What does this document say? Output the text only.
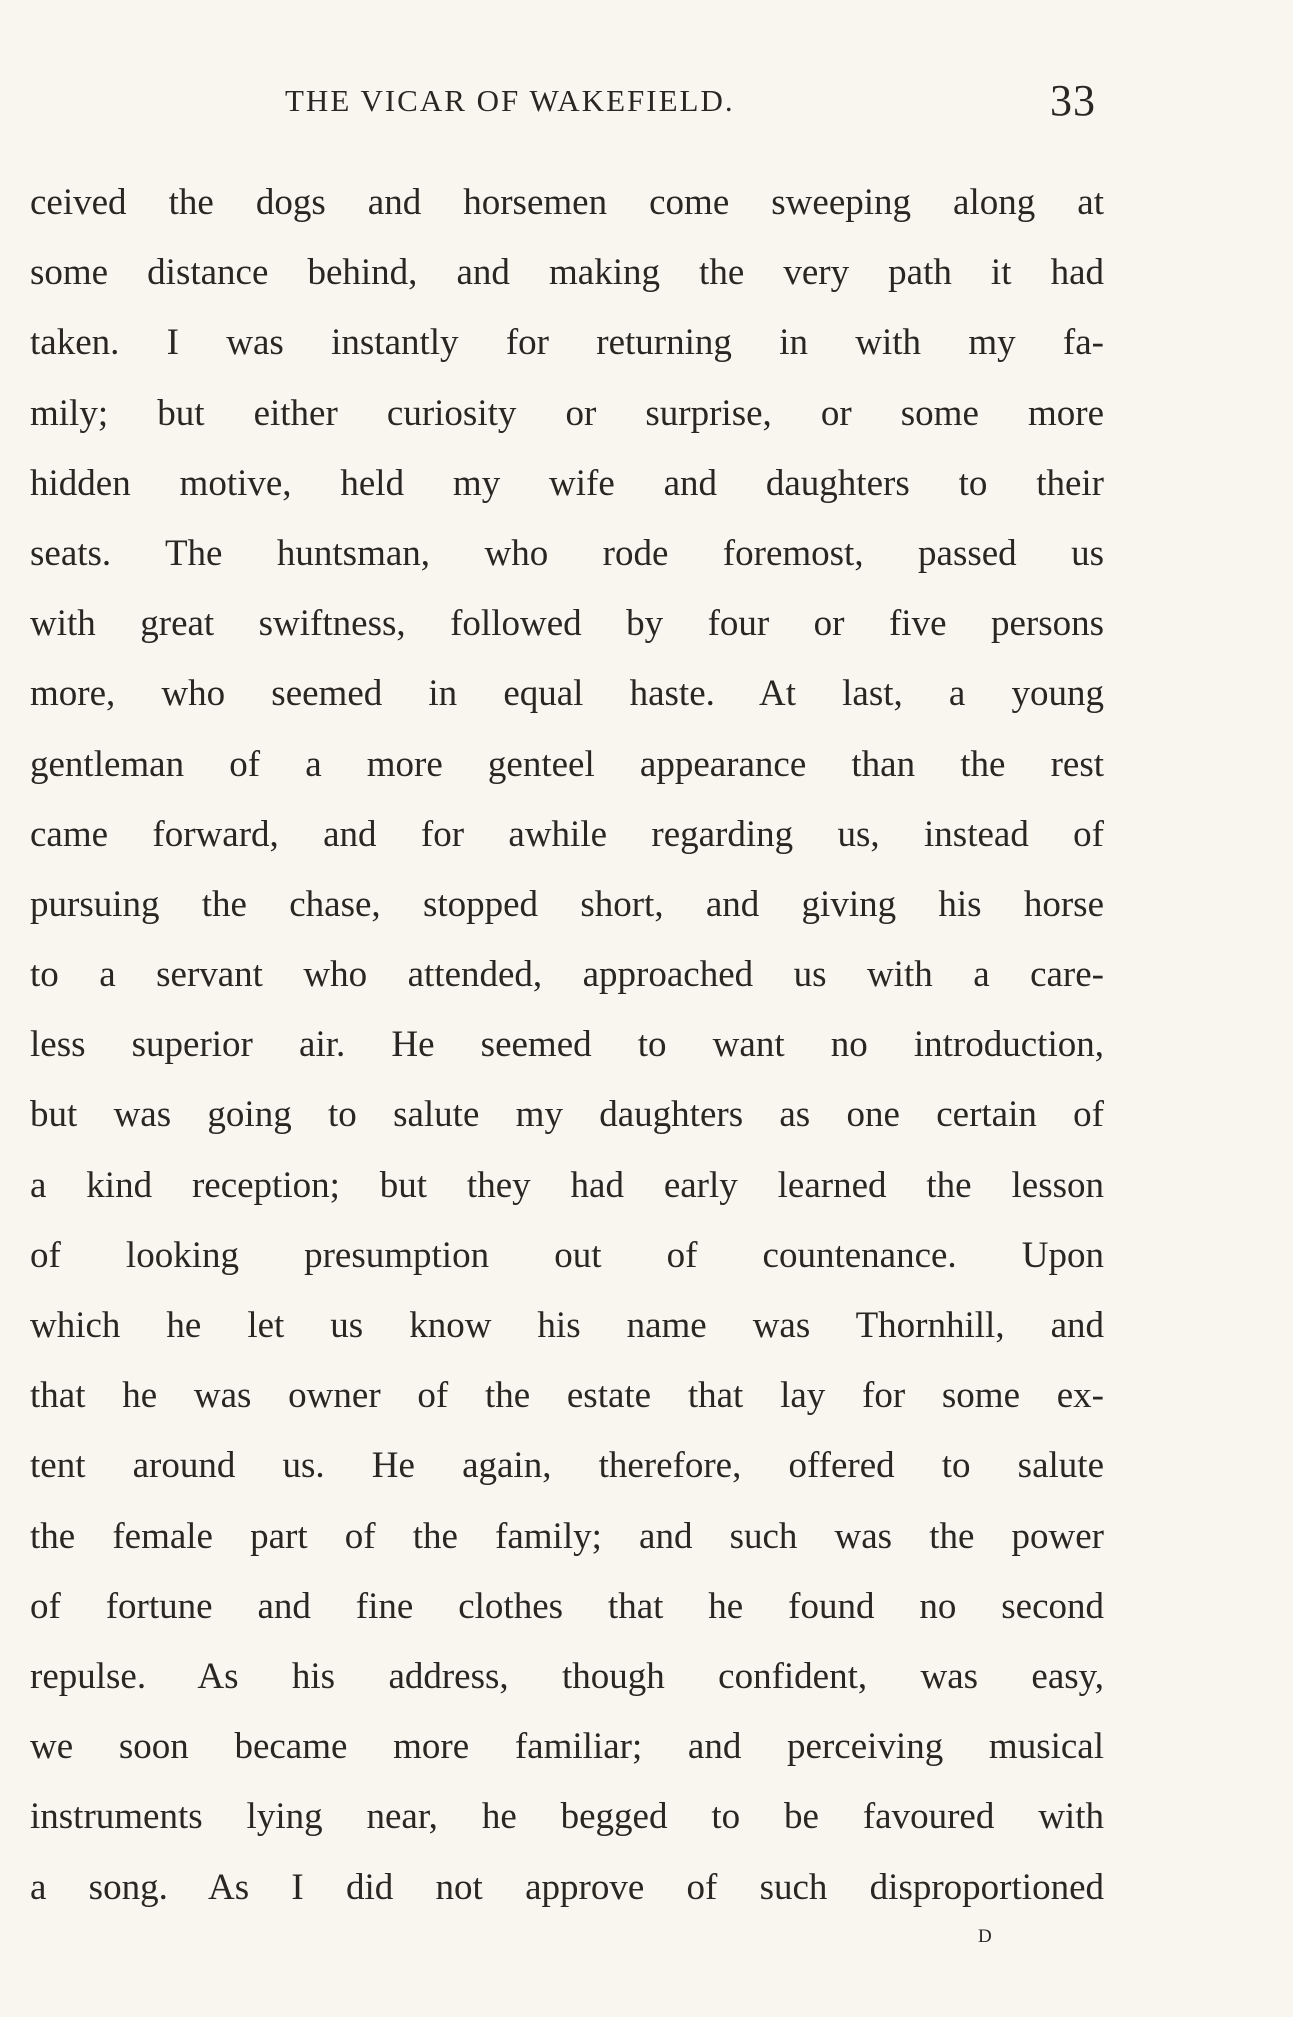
THE VICAR OF WAKEFIELD.	33
ceived the dogs and horsemen come sweeping along at
some distance behind, and making the very path it had
taken. I was instantly for returning in with my fa-
mily; but either curiosity or surprise, or some more
hidden motive, held my wife and daughters to their
seats. The huntsman, who rode foremost, passed us
with great swiftness, followed by four or five persons
more, who seemed in equal haste. At last, a young
gentleman of a more genteel appearance than the rest
came forward, and for awhile regarding us, instead of
pursuing the chase, stopped short, and giving his horse
to a servant who attended, approached us with a care-
less superior air. He seemed to want no introduction,
but was going to salute my daughters as one certain of
a kind reception; but they had early learned the lesson
of looking presumption out of countenance. Upon
which he let us know his name was Thornhill, and
that he was owner of the estate that lay for some ex-
tent around us. He again, therefore, offered to salute
the female part of the family; and such was the power
of fortune and fine clothes that he found no second
repulse. As his address, though confident, was easy,
we soon became more familiar; and perceiving musical
instruments lying near, he begged to be favoured with
a song. As I did not approve of such disproportioned
D
